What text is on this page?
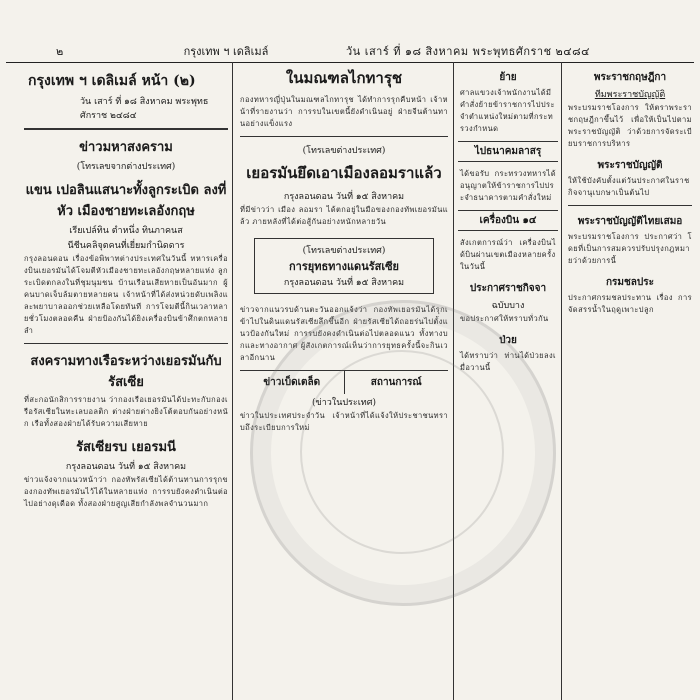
๒	กรุงเทพ ฯ เดลิเมล์	วัน เสาร์ ที่ ๑๘ สิงหาคม พระพุทธศักราช ๒๔๘๔
กรุงเทพ ฯ เดลิเมล์ หน้า (๒)
วัน เสาร์ ที่ ๑๘ สิงหาคม พระพุทธศักราช ๒๔๘๔
ข่าวมหาสงคราม
(โทรเลขจากต่างประเทศ)
แขน เปอลินแสนาะทั้งลูกระเบิด ลงที่หัว เมืองชายทะเลอังกฤษ
เรียเปล์ทิน ตำหนึ่ง ทินภาคนส
นีชีนคลิจุตคนที่เยี่ยมกำนิดดาร
กรุงลอนดอน เรื่องข้อพิพาทต่างประเทศในวันนี้ ทหารเครื่องบินเยอรมันได้โจมตีหัวเมืองชายทะเลอังกฤษหลายแห่ง ลูกระเบิดตกลงในที่ชุมนุมชน บ้านเรือนเสียหายเป็นอันมาก ผู้คนบาดเจ็บล้มตายหลายคน เจ้าหน้าที่ได้ส่งหน่วยดับเพลิงและพยาบาลออกช่วยเหลือโดยทันที การโจมตีนี้กินเวลาหลายชั่วโมงตลอดคืน ฝ่ายป้องกันได้ยิงเครื่องบินข้าศึกตกหลายลำ
สงครามทางเรือระหว่างเยอรมันกับรัสเซีย
ที่สะกอนักสิการรายงาน ว่ากองเรือเยอรมันได้ปะทะกับกองเรือรัสเซียในทะเลบอลติก ต่างฝ่ายต่างยิงโต้ตอบกันอย่างหนัก เรือทั้งสองฝ่ายได้รับความเสียหาย
รัสเซียรบ เยอรมนี
กรุงลอนดอน วันที่ ๑๕ สิงหาคม
ข่าวแจ้งจากแนวหน้าว่า กองทัพรัสเซียได้ต้านทานการรุกของกองทัพเยอรมันไว้ได้ในหลายแห่ง การรบยังคงดำเนินต่อไปอย่างดุเดือด ทั้งสองฝ่ายสูญเสียกำลังพลจำนวนมาก
ในมณฑลไกทารุช
กองทหารญี่ปุ่นในมณฑลไกทารุช ได้ทำการรุกคืบหน้า เจ้าหน้าที่รายงานว่า การรบในเขตนี้ยังดำเนินอยู่ ฝ่ายจีนต้านทานอย่างแข็งแรง
(โทรเลขต่างประเทศ)
เยอรมันยึดเอาเมืองลอมราแล้ว
กรุงลอนดอน วันที่ ๑๕ สิงหาคม
ที่มีข่าวว่า เมือง ลอมรา ได้ตกอยู่ในมือของกองทัพเยอรมันแล้ว ภายหลังที่ได้ต่อสู้กันอย่างหนักหลายวัน
(โทรเลขต่างประเทศ)
การยุทธทางแดนรัสเซีย
กรุงลอนดอน วันที่ ๑๕ สิงหาคม
ข่าวจากแนวรบด้านตะวันออกแจ้งว่า กองทัพเยอรมันได้รุกเข้าไปในดินแดนรัสเซียลึกขึ้นอีก ฝ่ายรัสเซียได้ถอยร่นไปตั้งแนวป้องกันใหม่ การรบยังคงดำเนินต่อไปตลอดแนว ทั้งทางบกและทางอากาศ ผู้สังเกตการณ์เห็นว่าการยุทธครั้งนี้จะกินเวลาอีกนาน
ข่าวเบ็ดเตล็ด	สถานการณ์
(ข่าวในประเทศ)
ข่าวในประเทศประจำวัน เจ้าหน้าที่ได้แจ้งให้ประชาชนทราบถึงระเบียบการใหม่
ย้าย
ศาลแขวงเจ้าพนักงานได้มีคำสั่งย้ายข้าราชการไปประจำตำแหน่งใหม่ตามที่กระทรวงกำหนด
ไปธนาคมลาสรุ
ได้ขอรับ กระทรวงทหารได้อนุญาตให้ข้าราชการไปประจำธนาคารตามคำสั่งใหม่
เครื่องบิน ๑๔
สังเกตการณ์ว่า เครื่องบินได้บินผ่านเขตเมืองหลายครั้งในวันนี้
ประกาศราชกิจจา
ฉบับบาง
ขอประกาศให้ทราบทั่วกัน
ป่วย
ได้ทราบว่า ท่านได้ป่วยลงเมื่อวานนี้
พระราชกฤษฎีกา
ทีมพระราชบัญญัติ
พระบรมราชโองการ ให้ตราพระราชกฤษฎีกาขึ้นไว้ เพื่อให้เป็นไปตามพระราชบัญญัติ ว่าด้วยการจัดระเบียบราชการบริหาร
พระราชบัญญัติ
ให้ใช้บังคับตั้งแต่วันประกาศในราชกิจจานุเบกษาเป็นต้นไป
พระราชบัญญัติไทยเสมอ
พระบรมราชโองการ ประกาศว่า โดยที่เป็นการสมควรปรับปรุงกฎหมายว่าด้วยการนี้
กรมชลประ
ประกาศกรมชลประทาน เรื่อง การจัดสรรน้ำในฤดูเพาะปลูก
